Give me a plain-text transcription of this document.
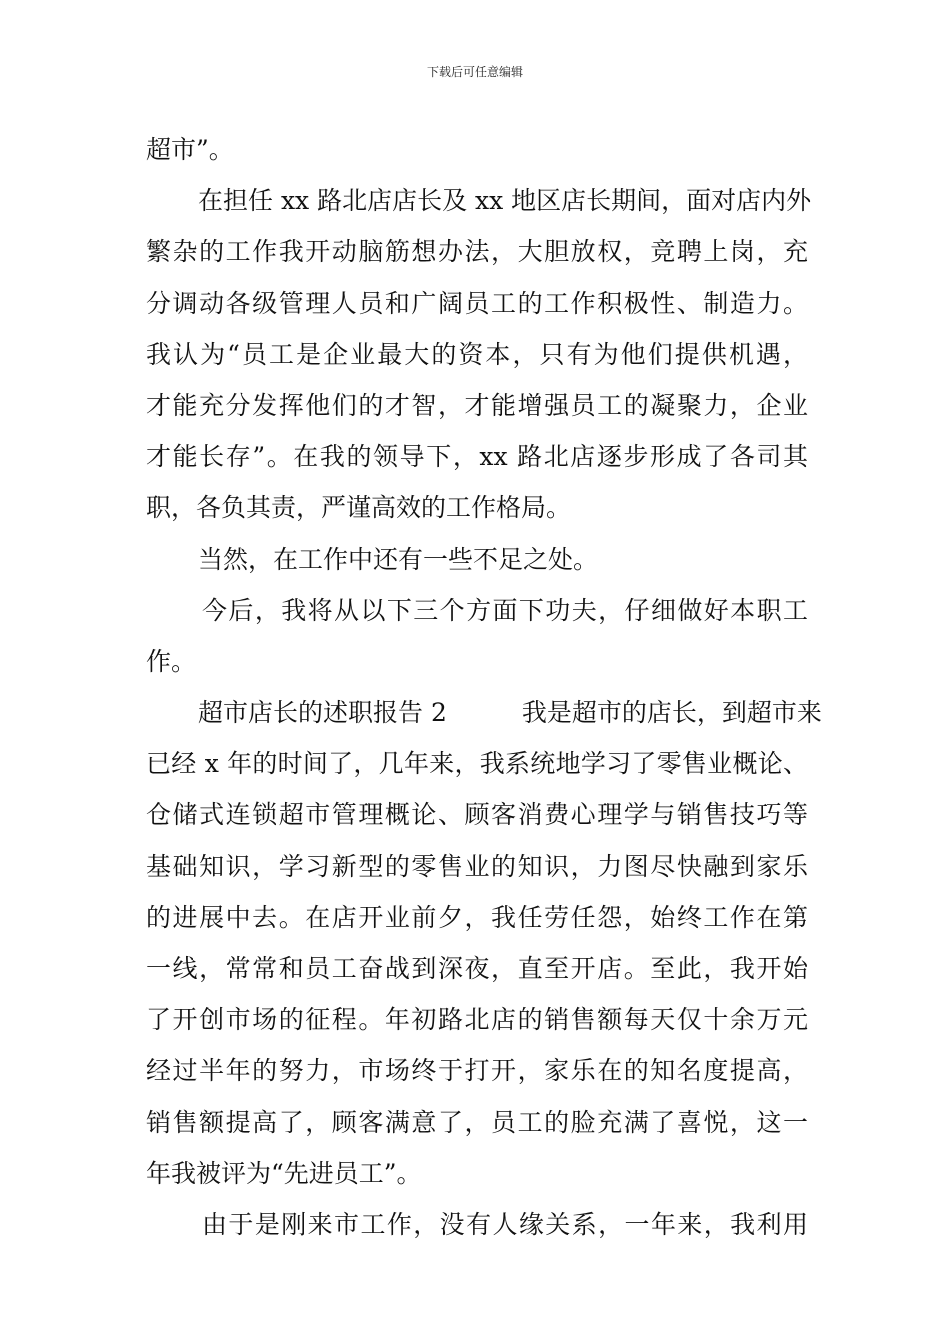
下载后可任意编辑
超市”。
在担任 xx 路北店店长及 xx 地区店长期间，面对店内外
繁杂的工作我开动脑筋想办法，大胆放权，竞聘上岗，充
分调动各级管理人员和广阔员工的工作积极性、制造力。
我认为“员工是企业最大的资本，只有为他们提供机遇，
才能充分发挥他们的才智，才能增强员工的凝聚力，企业
才能长存”。在我的领导下，xx 路北店逐步形成了各司其
职，各负其责，严谨高效的工作格局。
当然，在工作中还有一些不足之处。
今后，我将从以下三个方面下功夫，仔细做好本职工
作。
超市店长的述职报告 2　　　我是超市的店长，到超市来
已经 x 年的时间了，几年来，我系统地学习了零售业概论、
仓储式连锁超市管理概论、顾客消费心理学与销售技巧等
基础知识，学习新型的零售业的知识，力图尽快融到家乐
的进展中去。在店开业前夕，我任劳任怨，始终工作在第
一线，常常和员工奋战到深夜，直至开店。至此，我开始
了开创市场的征程。年初路北店的销售额每天仅十余万元
经过半年的努力，市场终于打开，家乐在的知名度提高，
销售额提高了，顾客满意了，员工的脸充满了喜悦，这一
年我被评为“先进员工”。
由于是刚来市工作，没有人缘关系，一年来，我利用
